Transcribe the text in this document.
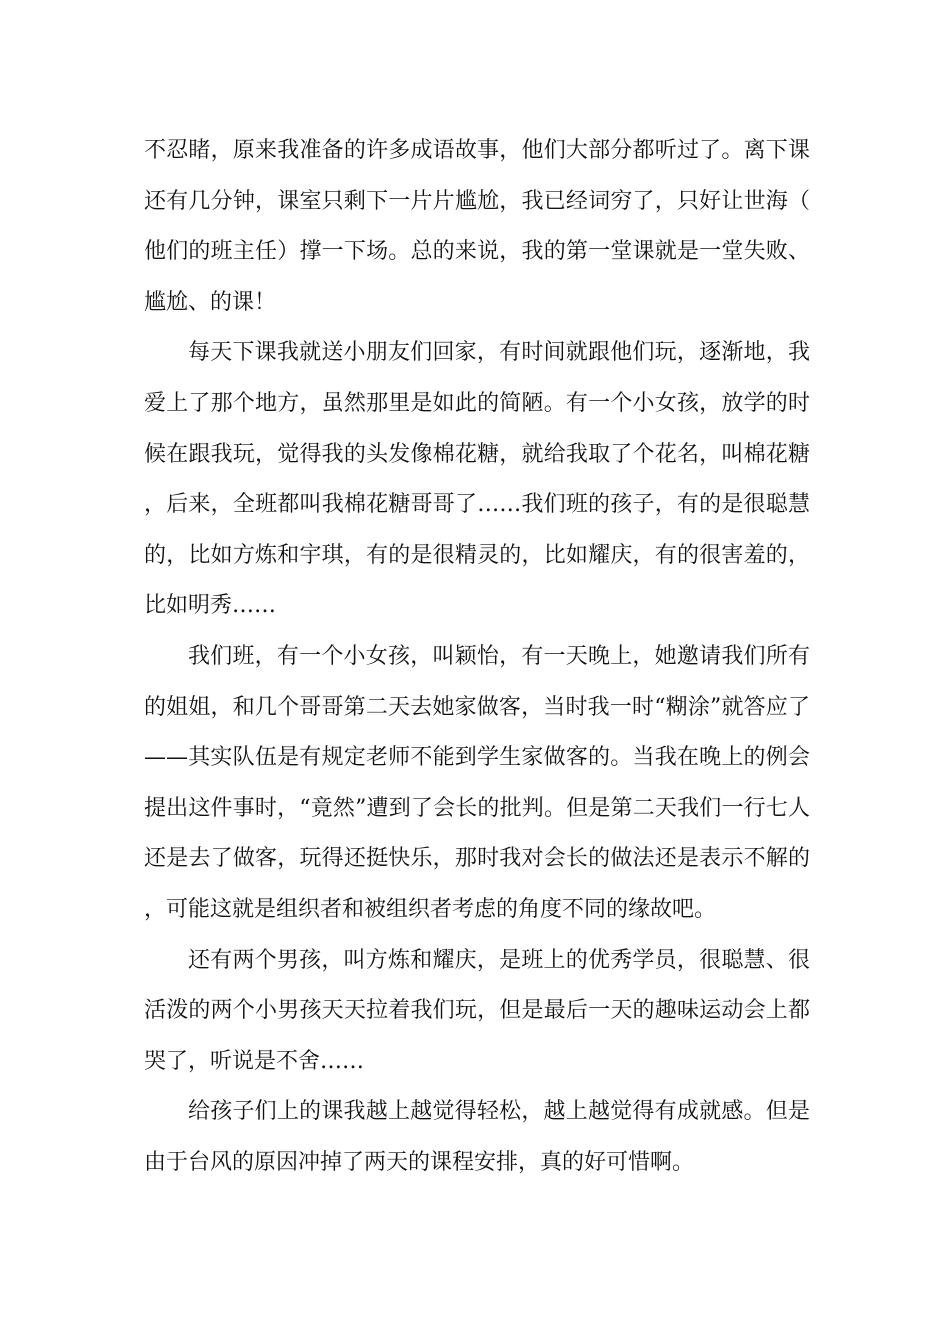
不忍睹，原来我准备的许多成语故事，他们大部分都听过了。离下课还有几分钟，课室只剩下一片片尴尬，我已经词穷了，只好让世海（他们的班主任）撑一下场。总的来说，我的第一堂课就是一堂失败、尴尬、的课！

每天下课我就送小朋友们回家，有时间就跟他们玩，逐渐地，我爱上了那个地方，虽然那里是如此的简陋。有一个小女孩，放学的时候在跟我玩，觉得我的头发像棉花糖，就给我取了个花名，叫棉花糖，后来，全班都叫我棉花糖哥哥了……我们班的孩子，有的是很聪慧的，比如方炼和宇琪，有的是很精灵的，比如耀庆，有的很害羞的，比如明秀……

我们班，有一个小女孩，叫颖怡，有一天晚上，她邀请我们所有的姐姐，和几个哥哥第二天去她家做客，当时我一时“糊涂”就答应了——其实队伍是有规定老师不能到学生家做客的。当我在晚上的例会提出这件事时，“竟然”遭到了会长的批判。但是第二天我们一行七人还是去了做客，玩得还挺快乐，那时我对会长的做法还是表示不解的，可能这就是组织者和被组织者考虑的角度不同的缘故吧。

还有两个男孩，叫方炼和耀庆，是班上的优秀学员，很聪慧、很活泼的两个小男孩天天拉着我们玩，但是最后一天的趣味运动会上都哭了，听说是不舍……

给孩子们上的课我越上越觉得轻松，越上越觉得有成就感。但是由于台风的原因冲掉了两天的课程安排，真的好可惜啊。
